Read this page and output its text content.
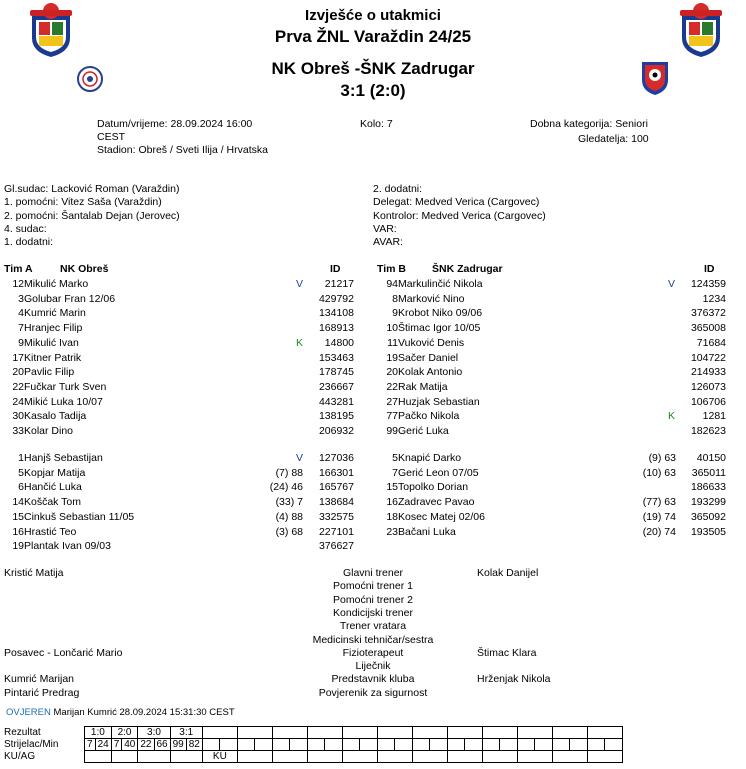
Izvješće o utakmici
Prva ŽNL Varaždin 24/25
NK Obreš -ŠNK Zadrugar
3:1 (2:0)
Datum/vrijeme: 28.09.2024 16:00
CEST
Stadion: Obreš / Sveti Ilija / Hrvatska
Kolo: 7	Dobna kategorija: Seniori
Gledatelja: 100
Gl.sudac: Lacković Roman (Varaždin)
1. pomoćni: Vitez Saša (Varaždin)
2. pomoćni: Šantalab Dejan (Jerovec)
4. sudac:
1. dodatni:
2. dodatni:
Delegat: Medved Verica (Cargovec)
Kontrolor: Medved Verica (Cargovec)
VAR:
AVAR:
Tim A	NK Obreš	ID	Tim B ŠNK Zadrugar	ID
12 Mikulić Marko	V	21217
3 Golubar Fran 12/06	429792
4 Kumrić Marin	134108
7 Hranjec Filip	168913
9 Mikulić Ivan	K	14800
17 Kitner Patrik	153463
20 Pavlic Filip	178745
22 Fučkar Turk Sven	236667
24 Mikić Luka 10/07	443281
30 Kasalo Tadija	138195
33 Kolar Dino	206932
1 Hanjš Sebastijan	V	127036
5 Kopjar Matija	(7) 88	166301
6 Hančić Luka	(24) 46	165767
14 Koščak Tom	(33) 7	138684
15 Cinkuš Sebastian 11/05	(4) 88	332575
16 Hrastić Teo	(3) 68	227101
19 Plantak Ivan 09/03	376627
94 Markulinčić Nikola	V	124359
8 Marković Nino	1234
9 Krobot Niko 09/06	376372
10 Štimac Igor 10/05	365008
11 Vuković Denis	71684
19 Sačer Daniel	104722
20 Kolak Antonio	214933
22 Rak Matija	126073
27 Huzjak Sebastian	106706
77 Pačko Nikola	K	1281
99 Gerić Luka	182623
5 Knapić Darko	(9) 63	40150
7 Gerić Leon 07/05	(10) 63	365011
15 Topolko Dorian	186633
16 Zadravec Pavao	(77) 63	193299
18 Kosec Matej 02/06	(19) 74	365092
23 Bačani Luka	(20) 74	193505
Kristić Matija	Glavni trener	Kolak Danijel
Pomoćni trener 1
Pomoćni trener 2
Kondicijski trener
Trener vratara
Medicinski tehničar/sestra
Posavec - Lončarić Mario	Fizioterapeut	Štimac Klara
Liječnik
Kumrić Marijan	Predstavnik kluba	Hrženjak Nikola
Pintarić Predrag	Povjerenik za sigurnost
OVJEREN Marijan Kumrić 28.09.2024 15:31:30 CEST
Rezultat	1:0		2:0		3:0		3:1																									
Strijelac/Min	7	24	7	40	22	66	99	82																								
KU/AG									KU																							
